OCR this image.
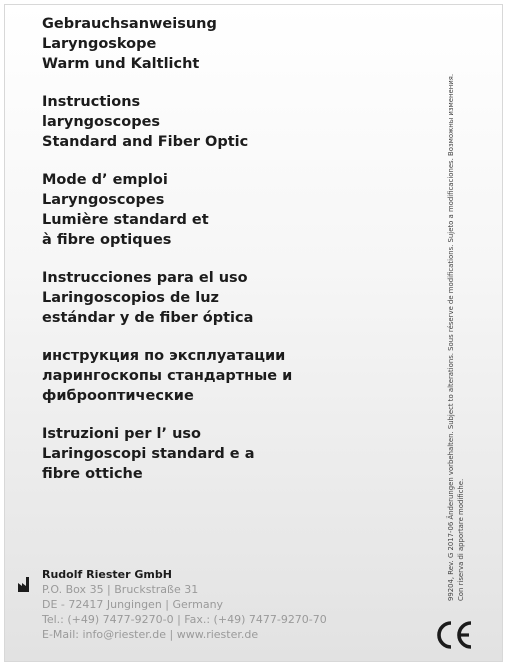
Gebrauchsanweisung
Laryngoskope
Warm und Kaltlicht
Instructions
laryngoscopes
Standard and Fiber Optic
Mode d’ emploi
Laryngoscopes
Lumière standard et
à fibre optiques
Instrucciones para el uso
Laringoscopios de luz
estándar y de fiber óptica
инструкция по эксплуатации
ларингоскопы стандартные и
фиброоптические
Istruzioni per l’ uso
Laringoscopi standard e a
fibre ottiche
Rudolf Riester GmbH
P.O. Box 35 | Bruckstraße 31
DE - 72417 Jungingen | Germany
Tel.: (+49) 7477-9270-0 | Fax.: (+49) 7477-9270-70
E-Mail: info@riester.de | www.riester.de
99204, Rev. G 2017-06 Änderungen vorbehalten. Subject to alterations. Sous réserve de modifications. Sujeto a modificaciones. Возможны изменения. Con riserva di apportare modifiche.
